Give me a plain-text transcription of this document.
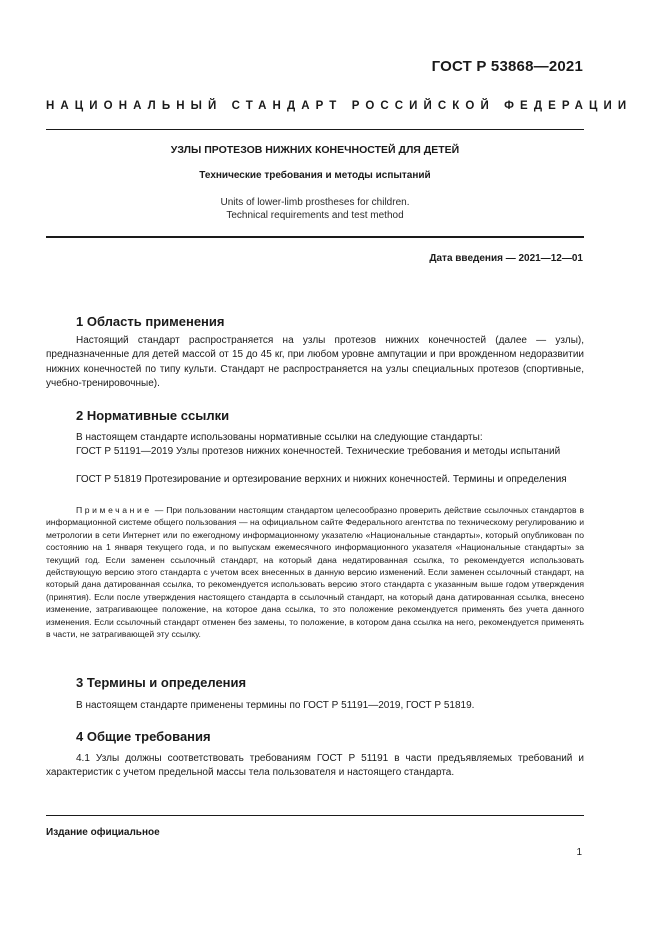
ГОСТ Р 53868—2021
НАЦИОНАЛЬНЫЙ СТАНДАРТ РОССИЙСКОЙ ФЕДЕРАЦИИ
УЗЛЫ ПРОТЕЗОВ НИЖНИХ КОНЕЧНОСТЕЙ ДЛЯ ДЕТЕЙ
Технические требования и методы испытаний
Units of lower-limb prostheses for children.
Technical requirements and test method
Дата введения — 2021—12—01
1 Область применения

Настоящий стандарт распространяется на узлы протезов нижних конечностей (далее — узлы), предназначенные для детей массой от 15 до 45 кг, при любом уровне ампутации и при врожденном недоразвитии нижних конечностей по типу культи. Стандарт не распространяется на узлы специальных протезов (спортивные, учебно-тренировочные).

2 Нормативные ссылки

В настоящем стандарте использованы нормативные ссылки на следующие стандарты:

ГОСТ Р 51191—2019 Узлы протезов нижних конечностей. Технические требования и методы испытаний

ГОСТ Р 51819 Протезирование и ортезирование верхних и нижних конечностей. Термины и определения

Примечание — При пользовании настоящим стандартом целесообразно проверить действие ссылочных стандартов в информационной системе общего пользования — на официальном сайте Федерального агентства по техническому регулированию и метрологии в сети Интернет или по ежегодному информационному указателю «Национальные стандарты», который опубликован по состоянию на 1 января текущего года, и по выпускам ежемесячного информационного указателя «Национальные стандарты» за текущий год. Если заменен ссылочный стандарт, на который дана недатированная ссылка, то рекомендуется использовать действующую версию этого стандарта с учетом всех внесенных в данную версию изменений. Если заменен ссылочный стандарт, на который дана датированная ссылка, то рекомендуется использовать версию этого стандарта с указанным выше годом утверждения (принятия). Если после утверждения настоящего стандарта в ссылочный стандарт, на который дана датированная ссылка, внесено изменение, затрагивающее положение, на которое дана ссылка, то это положение рекомендуется применять без учета данного изменения. Если ссылочный стандарт отменен без замены, то положение, в котором дана ссылка на него, рекомендуется применять в части, не затрагивающей эту ссылку.

3 Термины и определения

В настоящем стандарте применены термины по ГОСТ Р 51191—2019, ГОСТ Р 51819.

4 Общие требования

4.1 Узлы должны соответствовать требованиям ГОСТ Р 51191 в части предъявляемых требований и характеристик с учетом предельной массы тела пользователя и настоящего стандарта.

Издание официальное
1
